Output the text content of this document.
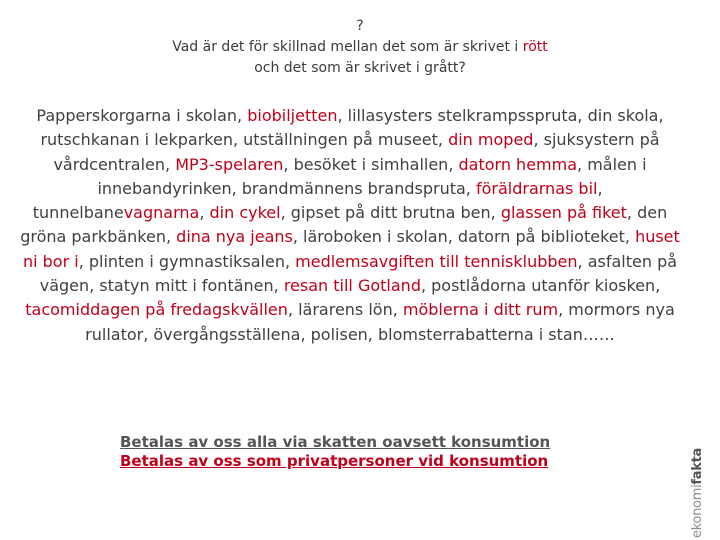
?
Vad är det för skillnad mellan det som är skrivet i rött
och det som är skrivet i grått?
Papperskorgarna i skolan, biobiljetten, lillasysters stelkrampsspruta, din skola, rutschkanan i lekparken, utställningen på museet, din moped, sjuksystern på vårdcentralen, MP3-spelaren, besöket i simhallen, datorn hemma, målen i innebandyrinken, brandmännens brandspruta, föräldrarnas bil, tunnelbanevagnarna, din cykel, gipset på ditt brutna ben, glassen på fiket, den gröna parkbänken, dina nya jeans, läroboken i skolan, datorn på biblioteket, huset ni bor i, plinten i gymnastiksalen, medlemsavgiften till tennisklubben, asfalten på vägen, statyn mitt i fontänen, resan till Gotland, postlådorna utanför kiosken, tacomiddagen på fredagskvällen, lärarens lön, möblerna i ditt rum, mormors nya rullator, övergångsställena, polisen, blomsterrabatterna i stan……
Betalas av oss alla via skatten oavsett konsumtion
Betalas av oss som privatpersoner vid konsumtion
ekonomifakta
